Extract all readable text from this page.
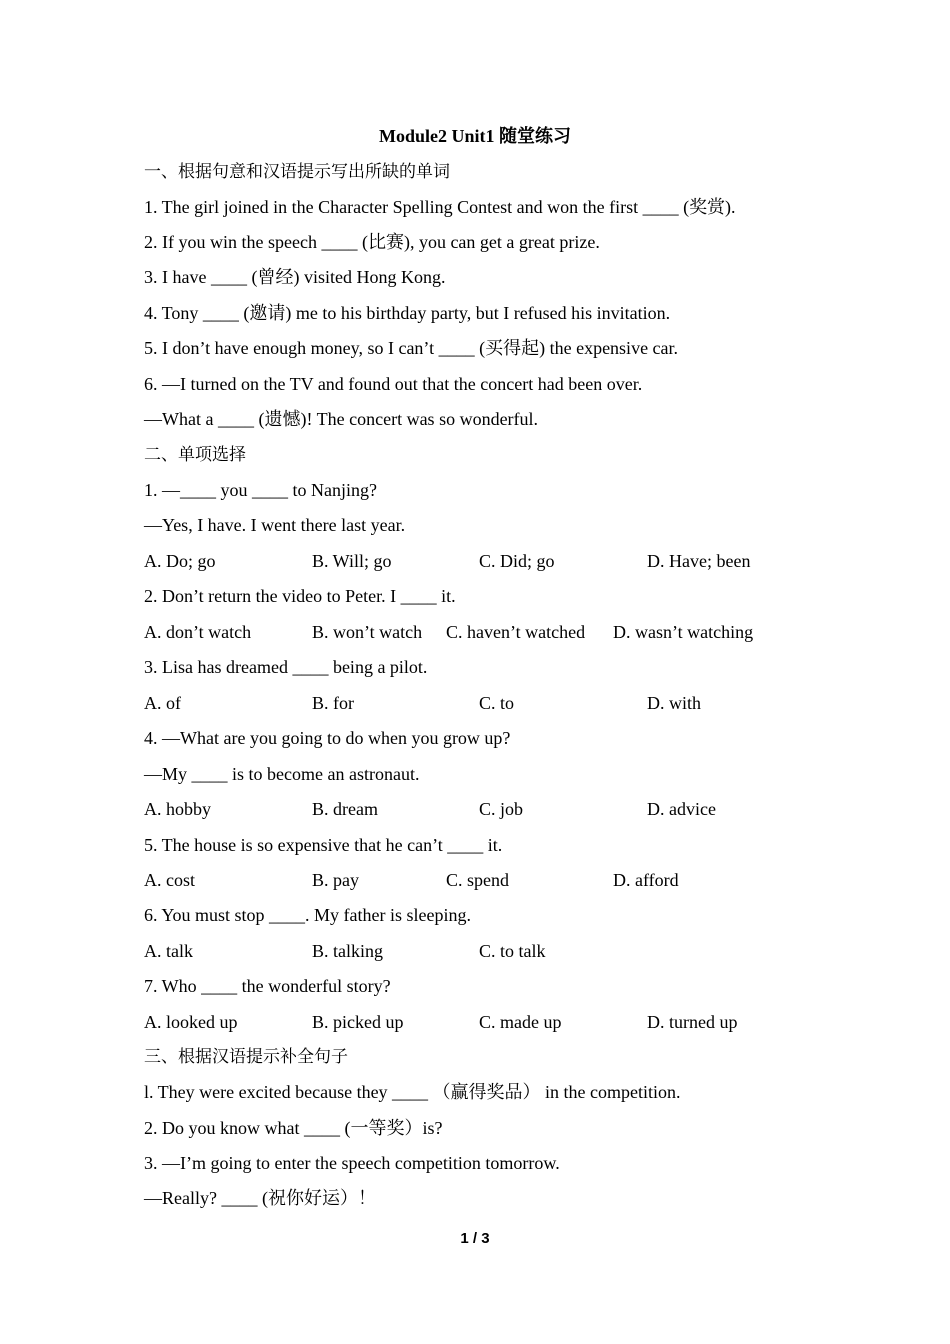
Module2 Unit1 随堂练习
一、根据句意和汉语提示写出所缺的单词
1. The girl joined in the Character Spelling Contest and won the first ____ (奖赏).
2. If you win the speech ____ (比赛), you can get a great prize.
3. I have ____ (曾经) visited Hong Kong.
4. Tony ____ (邀请) me to his birthday party, but I refused his invitation.
5. I don’t have enough money, so I can’t ____ (买得起) the expensive car.
6. —I turned on the TV and found out that the concert had been over.
—What a ____ (遗憾)! The concert was so wonderful.
二、单项选择
1. —____ you ____ to Nanjing?
—Yes, I have. I went there last year.
A. Do; go	B. Will; go	C. Did; go	D. Have; been
2. Don’t return the video to Peter. I ____ it.
A. don’t watch	B. won’t watch C. haven’t watched D. wasn’t watching
3. Lisa has dreamed ____ being a pilot.
A. of	B. for	C. to	D. with
4. —What are you going to do when you grow up?
—My ____ is to become an astronaut.
A. hobby	B. dream	C. job	D. advice
5. The house is so expensive that he can’t ____ it.
A. cost	B. pay	C. spend	D. afford
6. You must stop ____. My father is sleeping.
A. talk	B. talking	C. to talk
7. Who ____ the wonderful story?
A. looked up	B. picked up	C. made up	D. turned up
三、根据汉语提示补全句子
l. They were excited because they ____ （赢得奖品） in the competition.
2. Do you know what ____ (一等奖）is?
3. —I’m going to enter the speech competition tomorrow.
—Really? ____ (祝你好运）！
1 / 3
